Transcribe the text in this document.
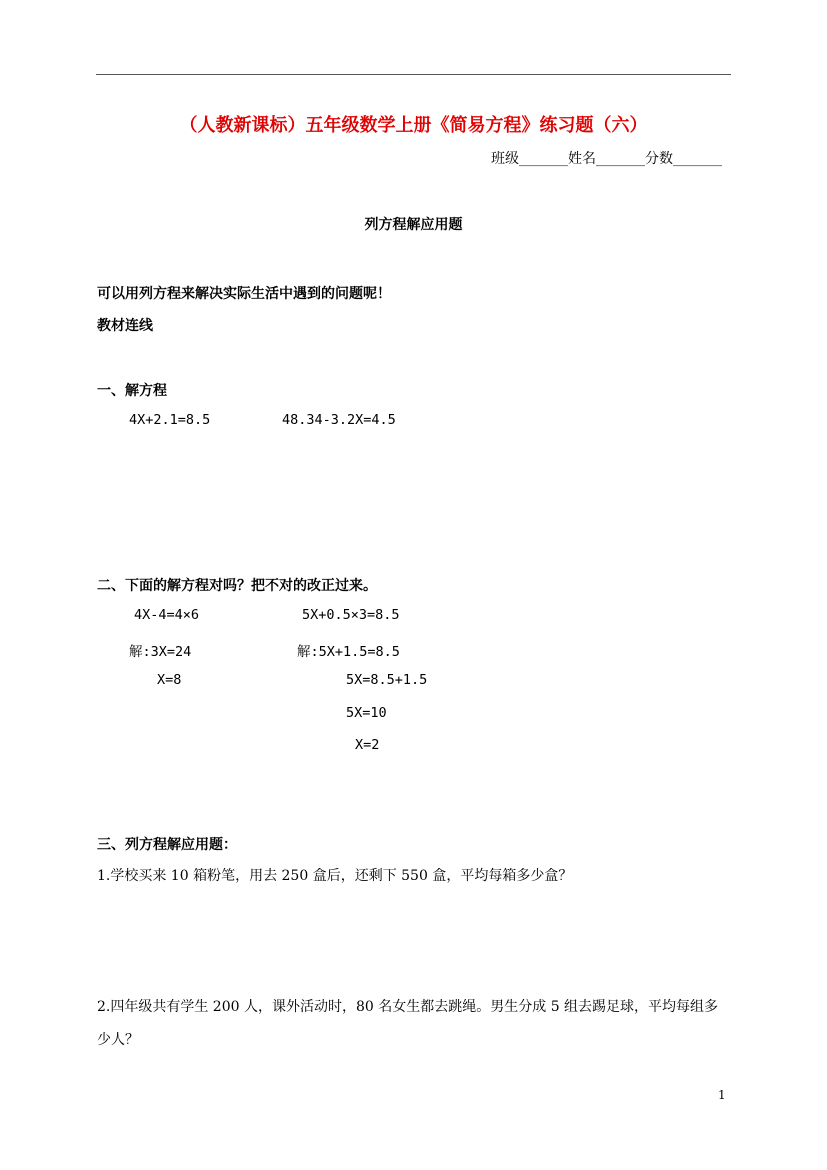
（人教新课标）五年级数学上册《简易方程》练习题（六）
班级_______姓名_______分数_______
列方程解应用题
可以用列方程来解决实际生活中遇到的问题呢！
教材连线
一、解方程
4X+2.1=8.5	48.34-3.2X=4.5
二、下面的解方程对吗？把不对的改正过来。
4X-4=4×6
解:3X=24
X=8
5X+0.5×3=8.5
解:5X+1.5=8.5
5X=8.5+1.5
5X=10
X=2
三、列方程解应用题：
1.学校买来 10 箱粉笔，用去 250 盒后，还剩下 550 盒，平均每箱多少盒？
2.四年级共有学生 200 人，课外活动时，80 名女生都去跳绳。男生分成 5 组去踢足球，平均每组多
少人？
1
